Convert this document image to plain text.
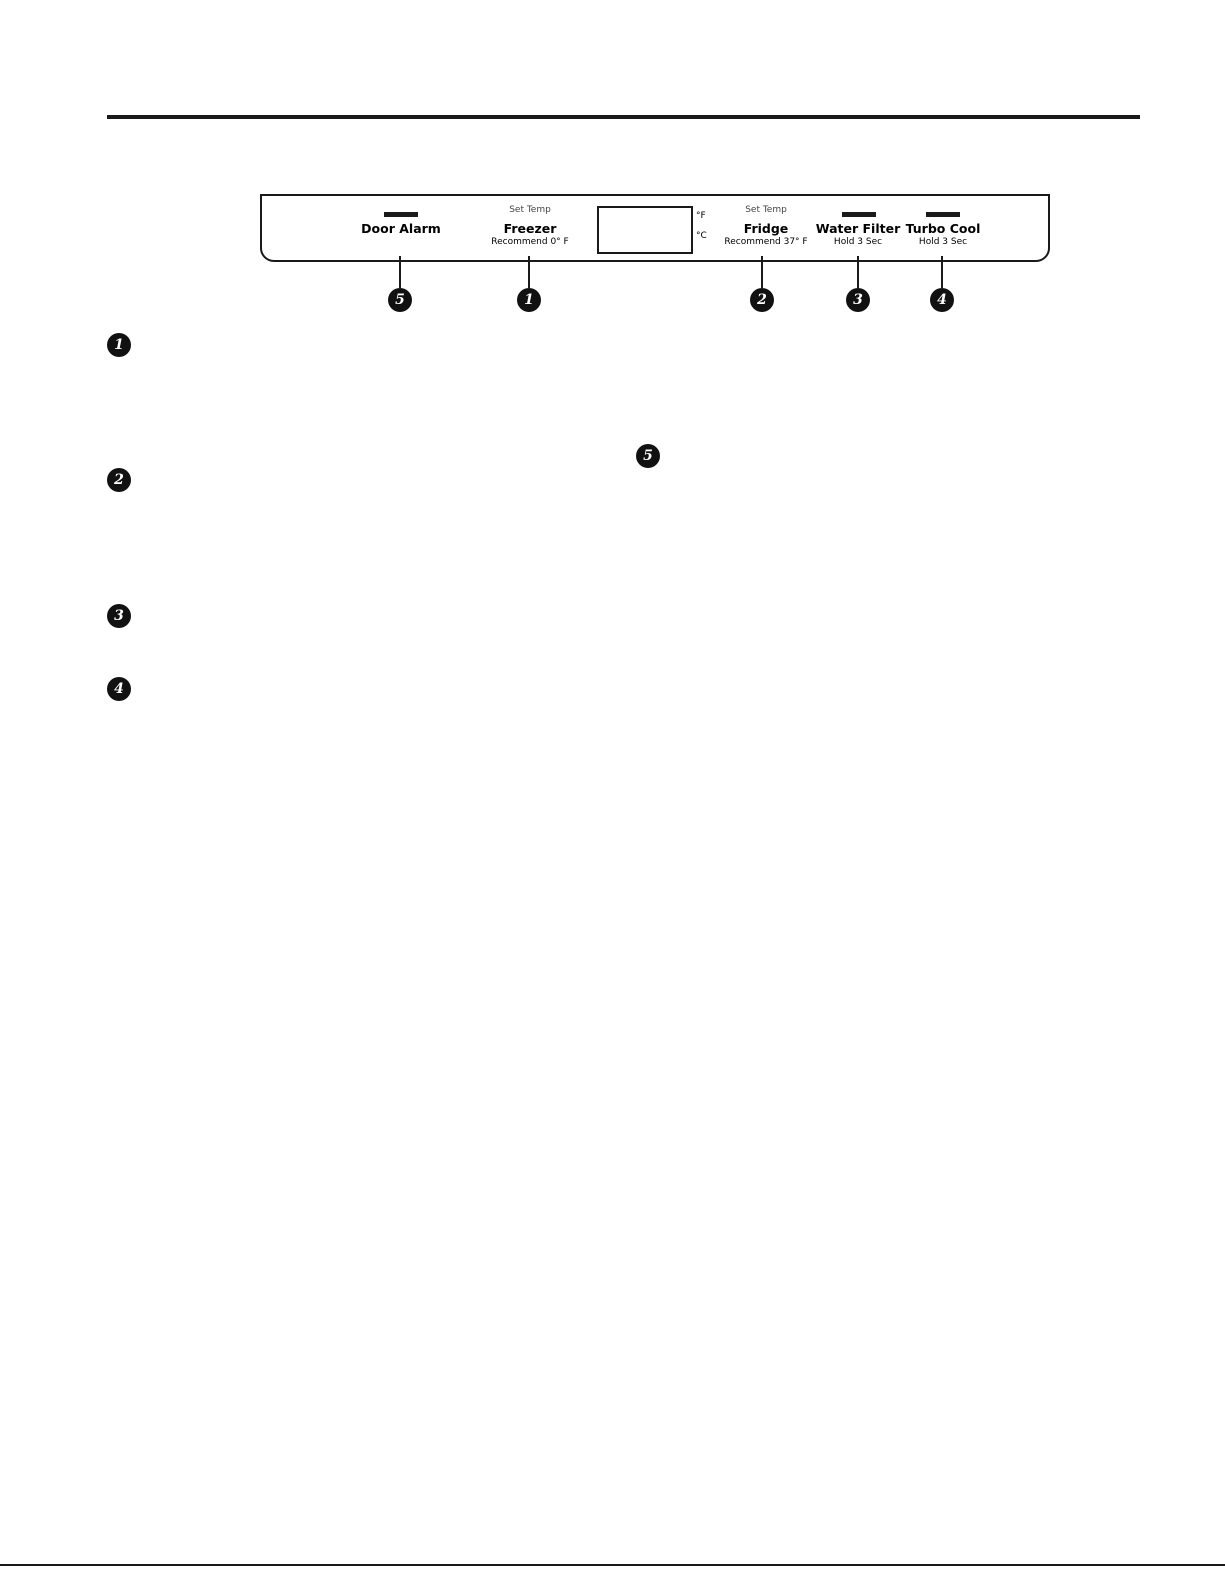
Door Alarm
Set Temp
Freezer
Recommend 0° F
°F
°C
Set Temp
Fridge
Recommend 37° F
Water Filter
Hold 3 Sec
Turbo Cool
Hold 3 Sec
5	1	2	3	4
1
2
3
4
5
